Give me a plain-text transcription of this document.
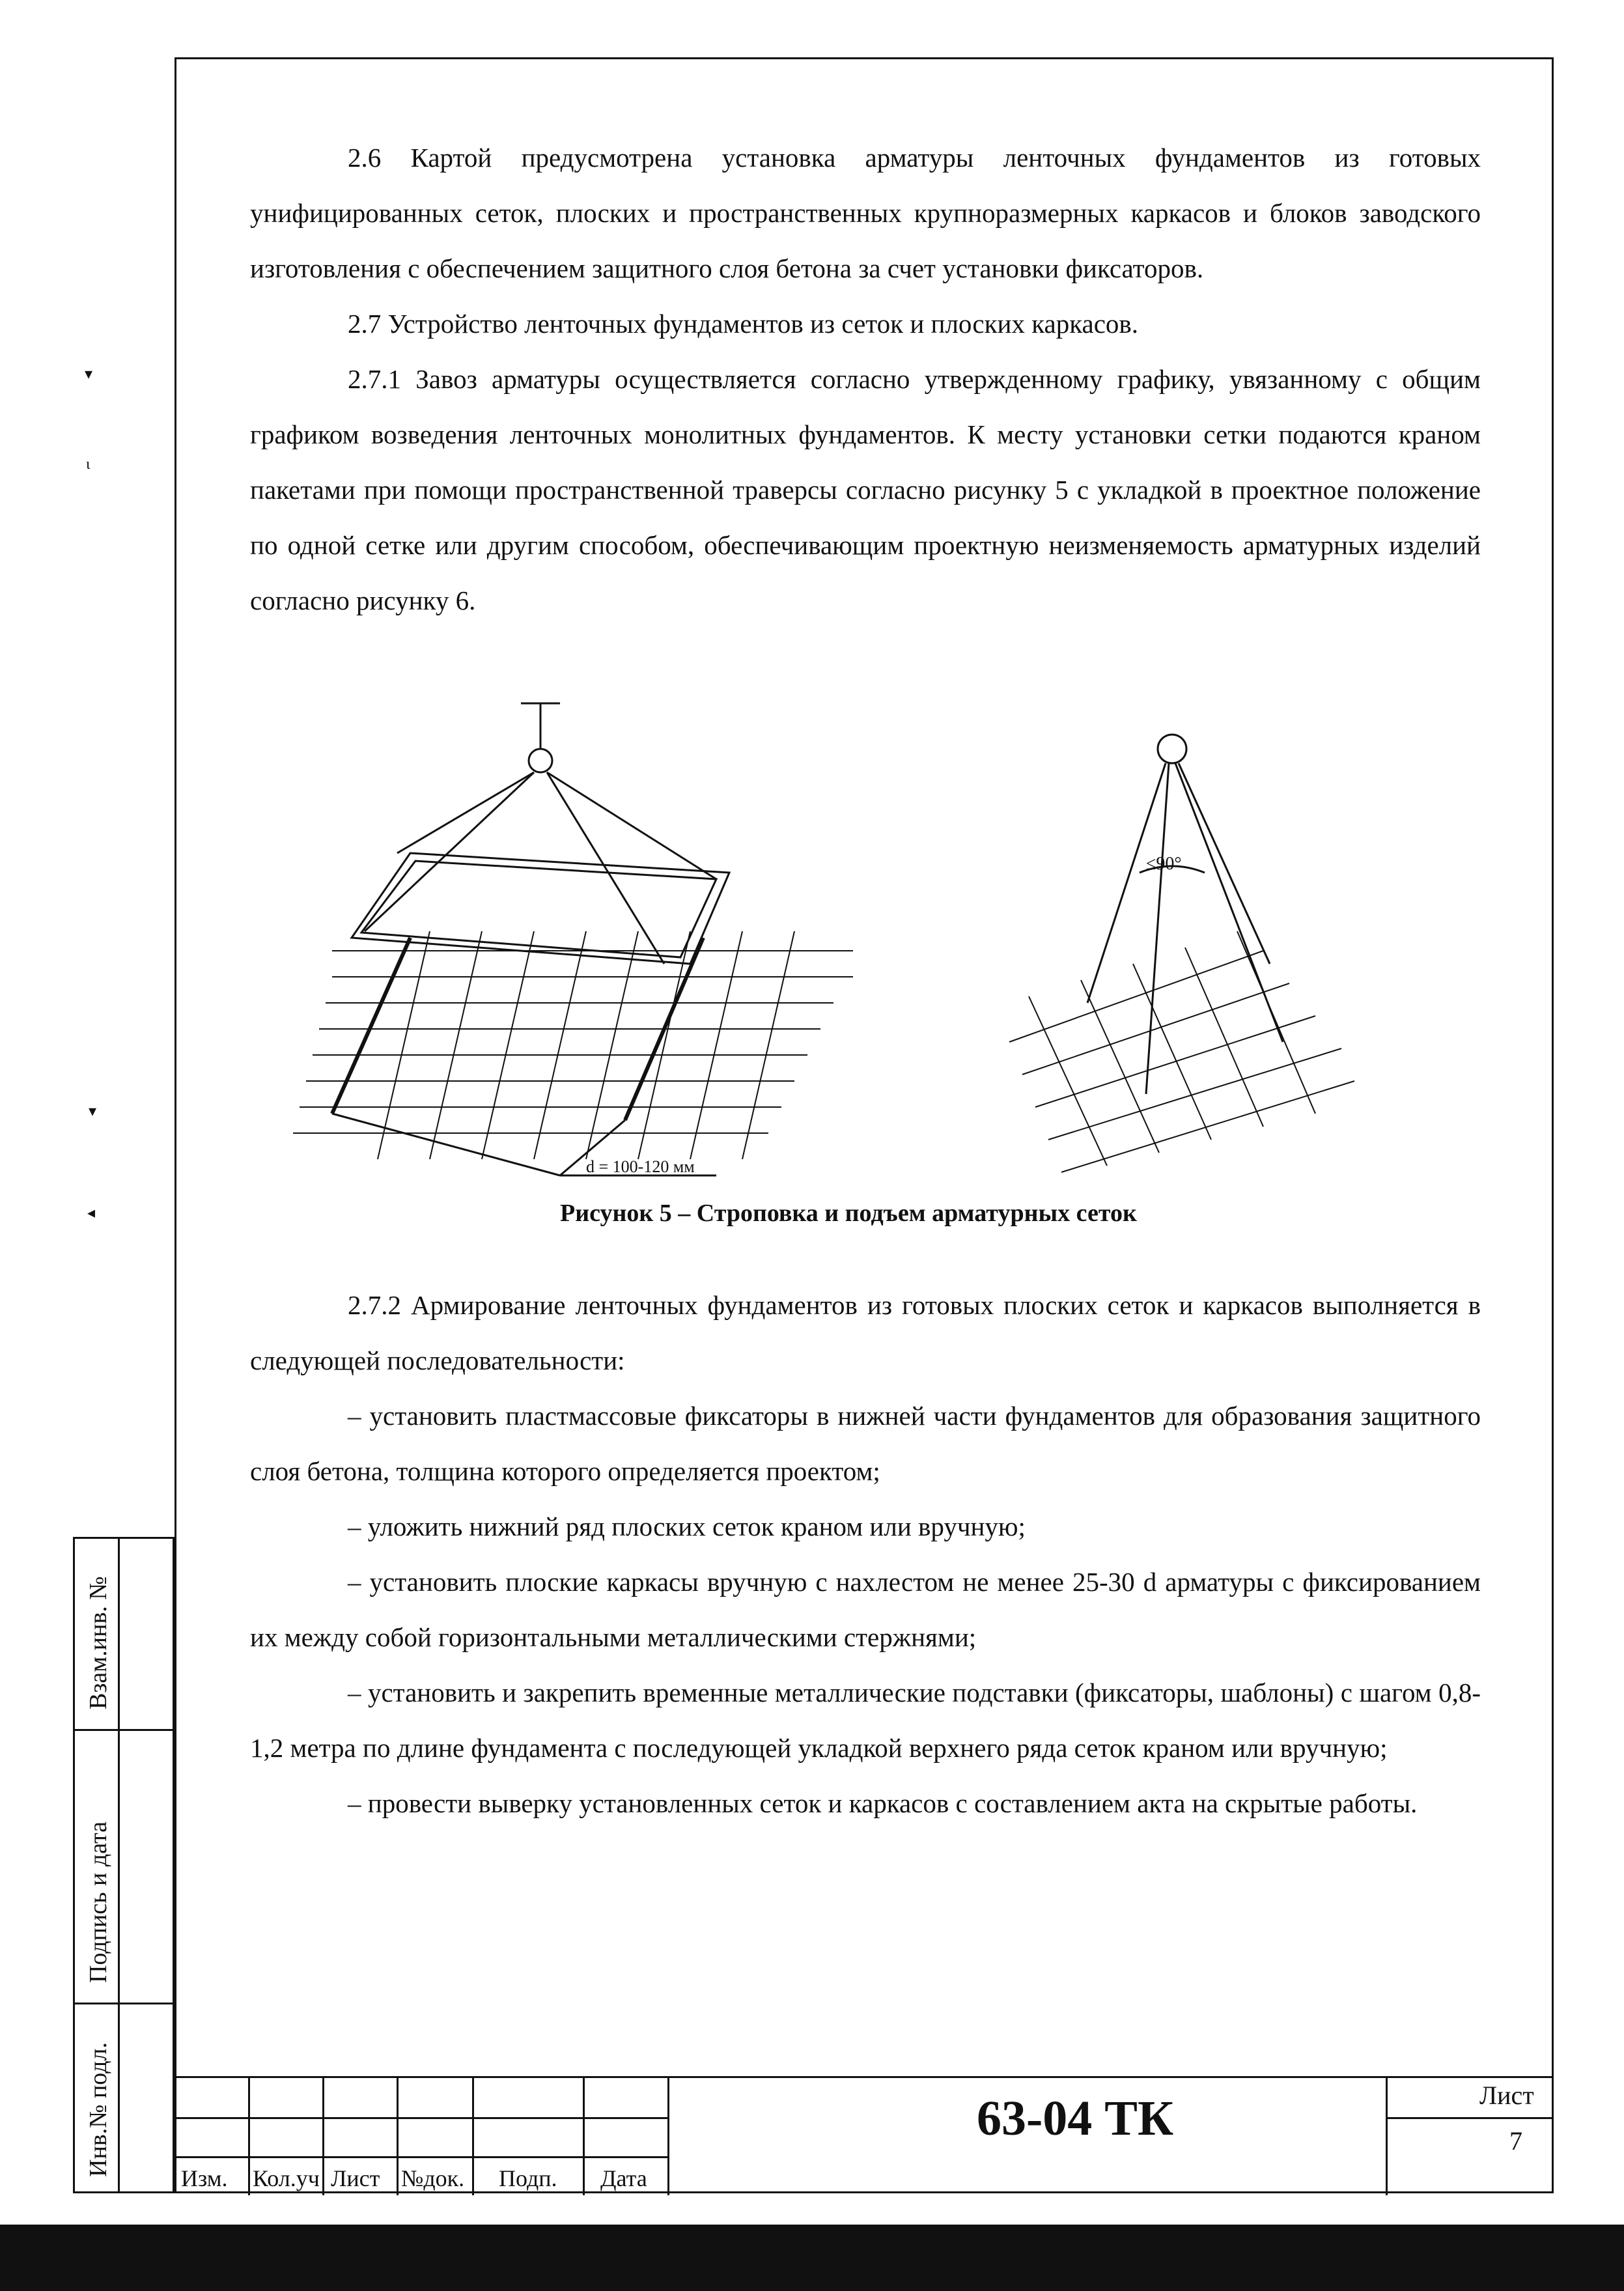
2.6 Картой предусмотрена установка арматуры ленточных фундаментов из готовых унифицированных сеток, плоских и пространственных крупноразмерных каркасов и блоков заводского изготовления с обеспечением защитного слоя бетона за счет установки фиксаторов.

2.7 Устройство ленточных фундаментов из сеток и плоских каркасов.

2.7.1 Завоз арматуры осуществляется согласно утвержденному графику, увязанному с общим графиком возведения ленточных монолитных фундаментов. К месту установки сетки подаются краном пакетами при помощи пространственной траверсы согласно рисунку 5 с укладкой в проектное положение по одной сетке или другим способом, обеспечивающим проектную неизменяемость арматурных изделий согласно рисунку 6.

d = 100-120 мм
≤90°
Рисунок 5 – Строповка и подъем арматурных сеток

2.7.2 Армирование ленточных фундаментов из готовых плоских сеток и каркасов выполняется в следующей последовательности:

– установить пластмассовые фиксаторы в нижней части фундаментов для образования защитного слоя бетона, толщина которого определяется проектом;

– уложить нижний ряд плоских сеток краном или вручную;

– установить плоские каркасы вручную с нахлестом не менее 25-30 d арматуры с фиксированием их между собой горизонтальными металлическими стержнями;

– установить и закрепить временные металлические подставки (фиксаторы, шаблоны) с шагом 0,8-1,2 метра по длине фундамента с последующей укладкой верхнего ряда сеток краном или вручную;

– провести выверку установленных сеток и каркасов с составлением акта на скрытые работы.

Взам.инв. №
Подпись и дата
Инв.№ подл.
Изм. Кол.уч Лист №док. Подп. Дата
63-04 ТК	Лист
7
▾
ɩ
▾
◂
